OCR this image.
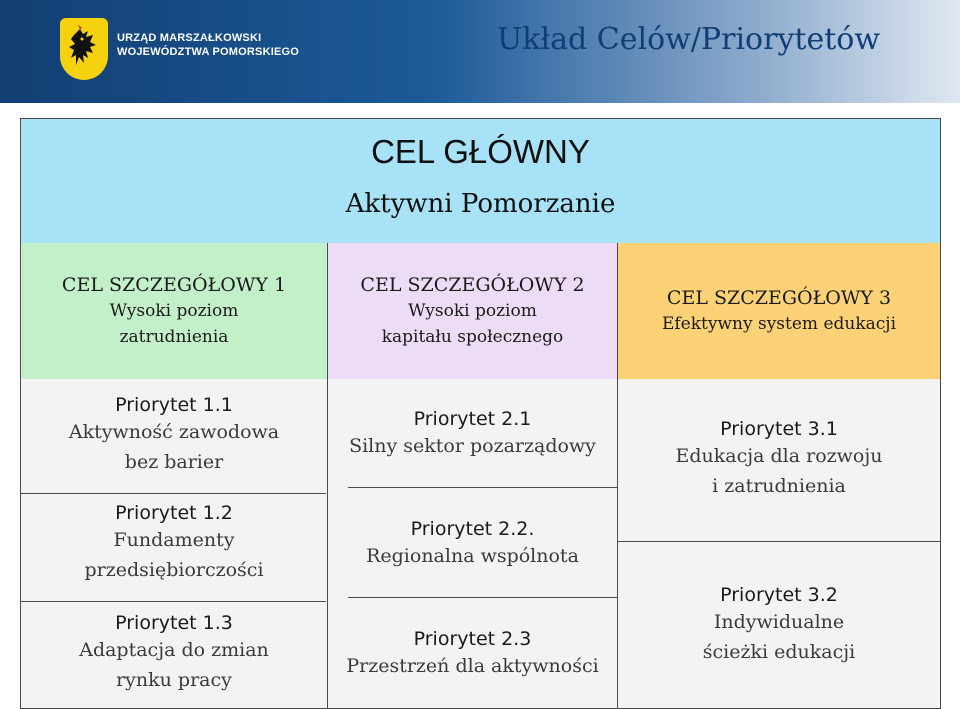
URZĄD MARSZAŁKOWSKI
WOJEWÓDZTWA POMORSKIEGO	Układ Celów/Priorytetów
CEL GŁÓWNY
Aktywni Pomorzanie
CEL SZCZEGÓŁOWY 1
Wysoki poziom
zatrudnienia
CEL SZCZEGÓŁOWY 2
Wysoki poziom
kapitału społecznego
CEL SZCZEGÓŁOWY 3
Efektywny system edukacji
Priorytet 1.1
Aktywność zawodowa
bez barier
Priorytet 1.2
Fundamenty
przedsiębiorczości
Priorytet 1.3
Adaptacja do zmian
rynku pracy
Priorytet 2.1
Silny sektor pozarządowy
Priorytet 2.2.
Regionalna wspólnota
Priorytet 2.3
Przestrzeń dla aktywności
Priorytet 3.1
Edukacja dla rozwoju
i zatrudnienia
Priorytet 3.2
Indywidualne
ścieżki edukacji
